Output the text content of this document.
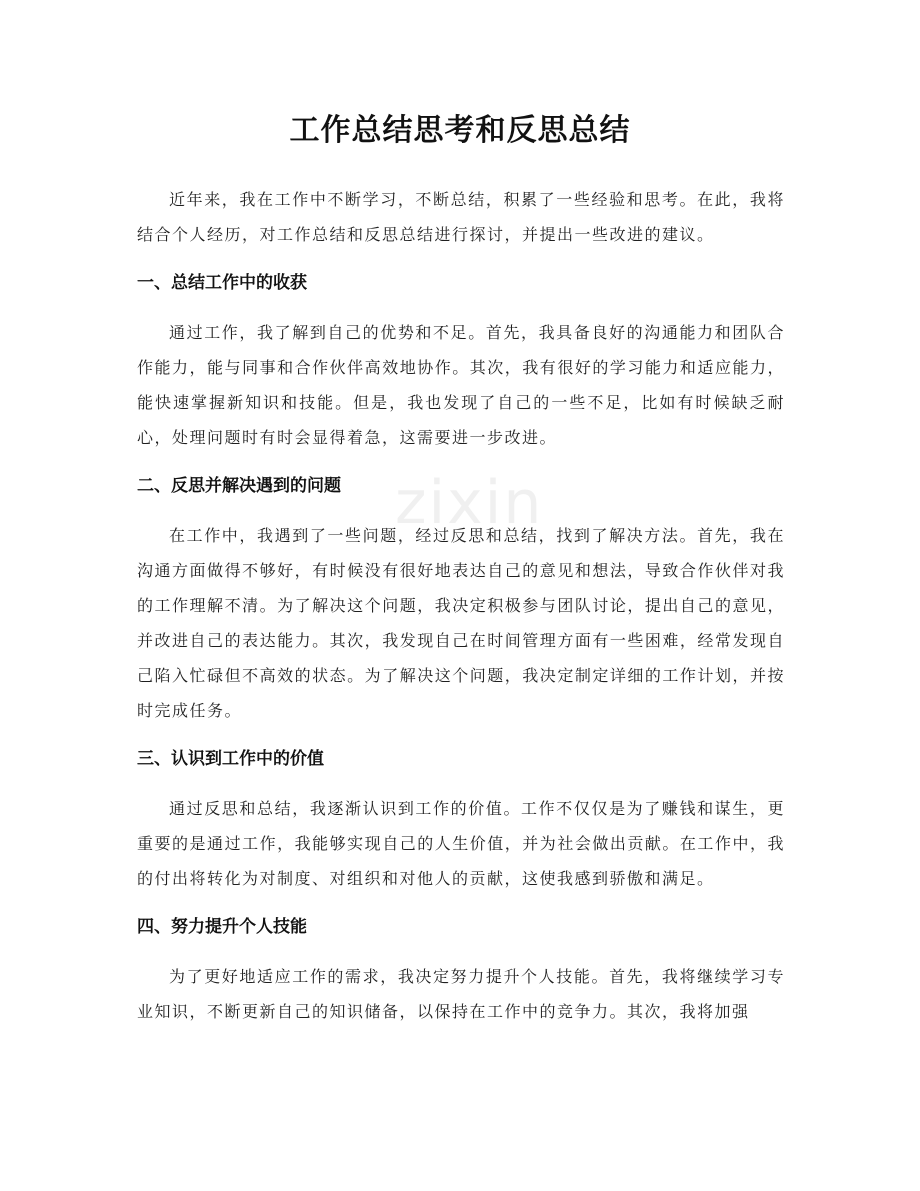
工作总结思考和反思总结

近年来，我在工作中不断学习，不断总结，积累了一些经验和思考。在此，我将结合个人经历，对工作总结和反思总结进行探讨，并提出一些改进的建议。

一、总结工作中的收获

通过工作，我了解到自己的优势和不足。首先，我具备良好的沟通能力和团队合作能力，能与同事和合作伙伴高效地协作。其次，我有很好的学习能力和适应能力，能快速掌握新知识和技能。但是，我也发现了自己的一些不足，比如有时候缺乏耐心，处理问题时有时会显得着急，这需要进一步改进。

二、反思并解决遇到的问题

在工作中，我遇到了一些问题，经过反思和总结，找到了解决方法。首先，我在沟通方面做得不够好，有时候没有很好地表达自己的意见和想法，导致合作伙伴对我的工作理解不清。为了解决这个问题，我决定积极参与团队讨论，提出自己的意见，并改进自己的表达能力。其次，我发现自己在时间管理方面有一些困难，经常发现自己陷入忙碌但不高效的状态。为了解决这个问题，我决定制定详细的工作计划，并按时完成任务。

三、认识到工作中的价值

通过反思和总结，我逐渐认识到工作的价值。工作不仅仅是为了赚钱和谋生，更重要的是通过工作，我能够实现自己的人生价值，并为社会做出贡献。在工作中，我的付出将转化为对制度、对组织和对他人的贡献，这使我感到骄傲和满足。

四、努力提升个人技能

为了更好地适应工作的需求，我决定努力提升个人技能。首先，我将继续学习专业知识，不断更新自己的知识储备，以保持在工作中的竞争力。其次，我将加强

zixin
